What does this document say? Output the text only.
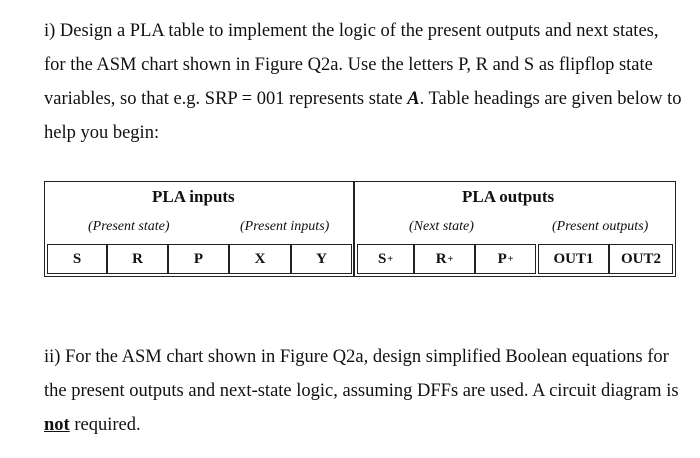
i) Design a PLA table to implement the logic of the present outputs and next states, for the ASM chart shown in Figure Q2a. Use the letters P, R and S as flipflop state variables, so that e.g. SRP = 001 represents state A. Table headings are given below to help you begin:

PLA inputs	PLA outputs
(Present state)	(Present inputs)	(Next state)	(Present outputs)
S	R	P	X	Y	S +	R +	P +	OUT1 OUT2

ii) For the ASM chart shown in Figure Q2a, design simplified Boolean equations for the present outputs and next-state logic, assuming DFFs are used. A circuit diagram is not required.
